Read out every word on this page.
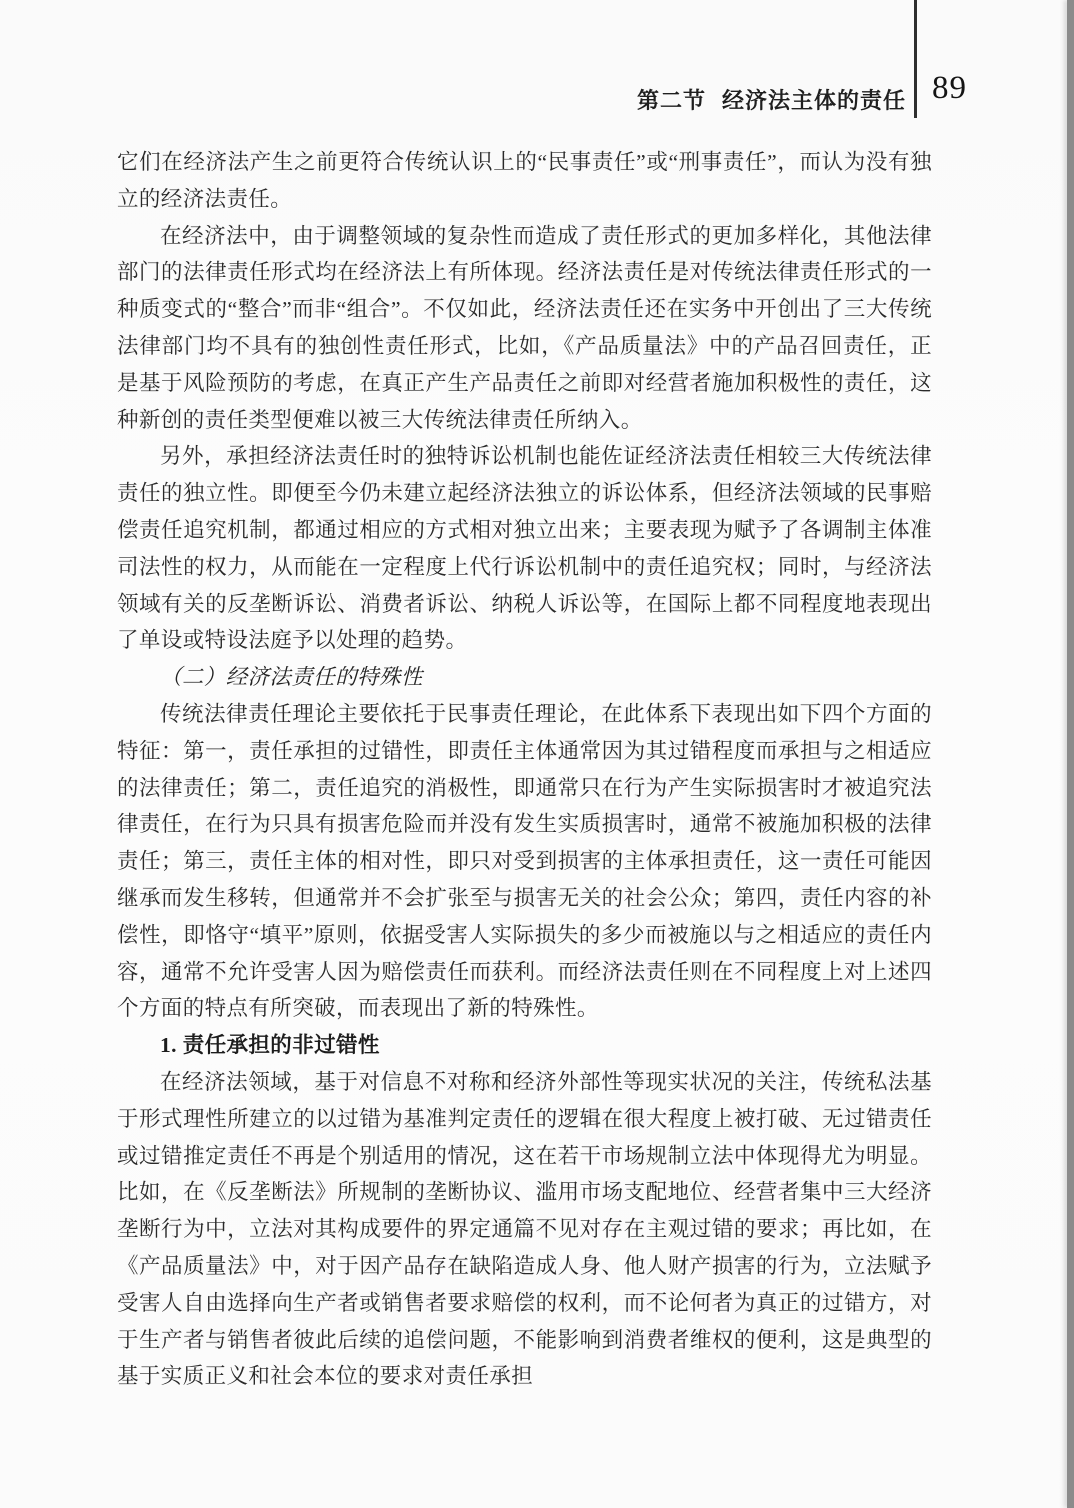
第二节 经济法主体的责任 89

它们在经济法产生之前更符合传统认识上的“民事责任”或“刑事责任”，而认为没有独立的经济法责任。

在经济法中，由于调整领域的复杂性而造成了责任形式的更加多样化，其他法律部门的法律责任形式均在经济法上有所体现。经济法责任是对传统法律责任形式的一种质变式的“整合”而非“组合”。不仅如此，经济法责任还在实务中开创出了三大传统法律部门均不具有的独创性责任形式，比如，《产品质量法》中的产品召回责任，正是基于风险预防的考虑，在真正产生产品责任之前即对经营者施加积极性的责任，这种新创的责任类型便难以被三大传统法律责任所纳入。

另外，承担经济法责任时的独特诉讼机制也能佐证经济法责任相较三大传统法律责任的独立性。即便至今仍未建立起经济法独立的诉讼体系，但经济法领域的民事赔偿责任追究机制，都通过相应的方式相对独立出来；主要表现为赋予了各调制主体准司法性的权力，从而能在一定程度上代行诉讼机制中的责任追究权；同时，与经济法领域有关的反垄断诉讼、消费者诉讼、纳税人诉讼等，在国际上都不同程度地表现出了单设或特设法庭予以处理的趋势。

（二）经济法责任的特殊性

传统法律责任理论主要依托于民事责任理论，在此体系下表现出如下四个方面的特征：第一，责任承担的过错性，即责任主体通常因为其过错程度而承担与之相适应的法律责任；第二，责任追究的消极性，即通常只在行为产生实际损害时才被追究法律责任，在行为只具有损害危险而并没有发生实质损害时，通常不被施加积极的法律责任；第三，责任主体的相对性，即只对受到损害的主体承担责任，这一责任可能因继承而发生移转，但通常并不会扩张至与损害无关的社会公众；第四，责任内容的补偿性，即恪守“填平”原则，依据受害人实际损失的多少而被施以与之相适应的责任内容，通常不允许受害人因为赔偿责任而获利。而经济法责任则在不同程度上对上述四个方面的特点有所突破，而表现出了新的特殊性。

1. 责任承担的非过错性

在经济法领域，基于对信息不对称和经济外部性等现实状况的关注，传统私法基于形式理性所建立的以过错为基准判定责任的逻辑在很大程度上被打破、无过错责任或过错推定责任不再是个别适用的情况，这在若干市场规制立法中体现得尤为明显。比如，在《反垄断法》所规制的垄断协议、滥用市场支配地位、经营者集中三大经济垄断行为中，立法对其构成要件的界定通篇不见对存在主观过错的要求；再比如，在《产品质量法》中，对于因产品存在缺陷造成人身、他人财产损害的行为，立法赋予受害人自由选择向生产者或销售者要求赔偿的权利，而不论何者为真正的过错方，对于生产者与销售者彼此后续的追偿问题，不能影响到消费者维权的便利，这是典型的基于实质正义和社会本位的要求对责任承担
